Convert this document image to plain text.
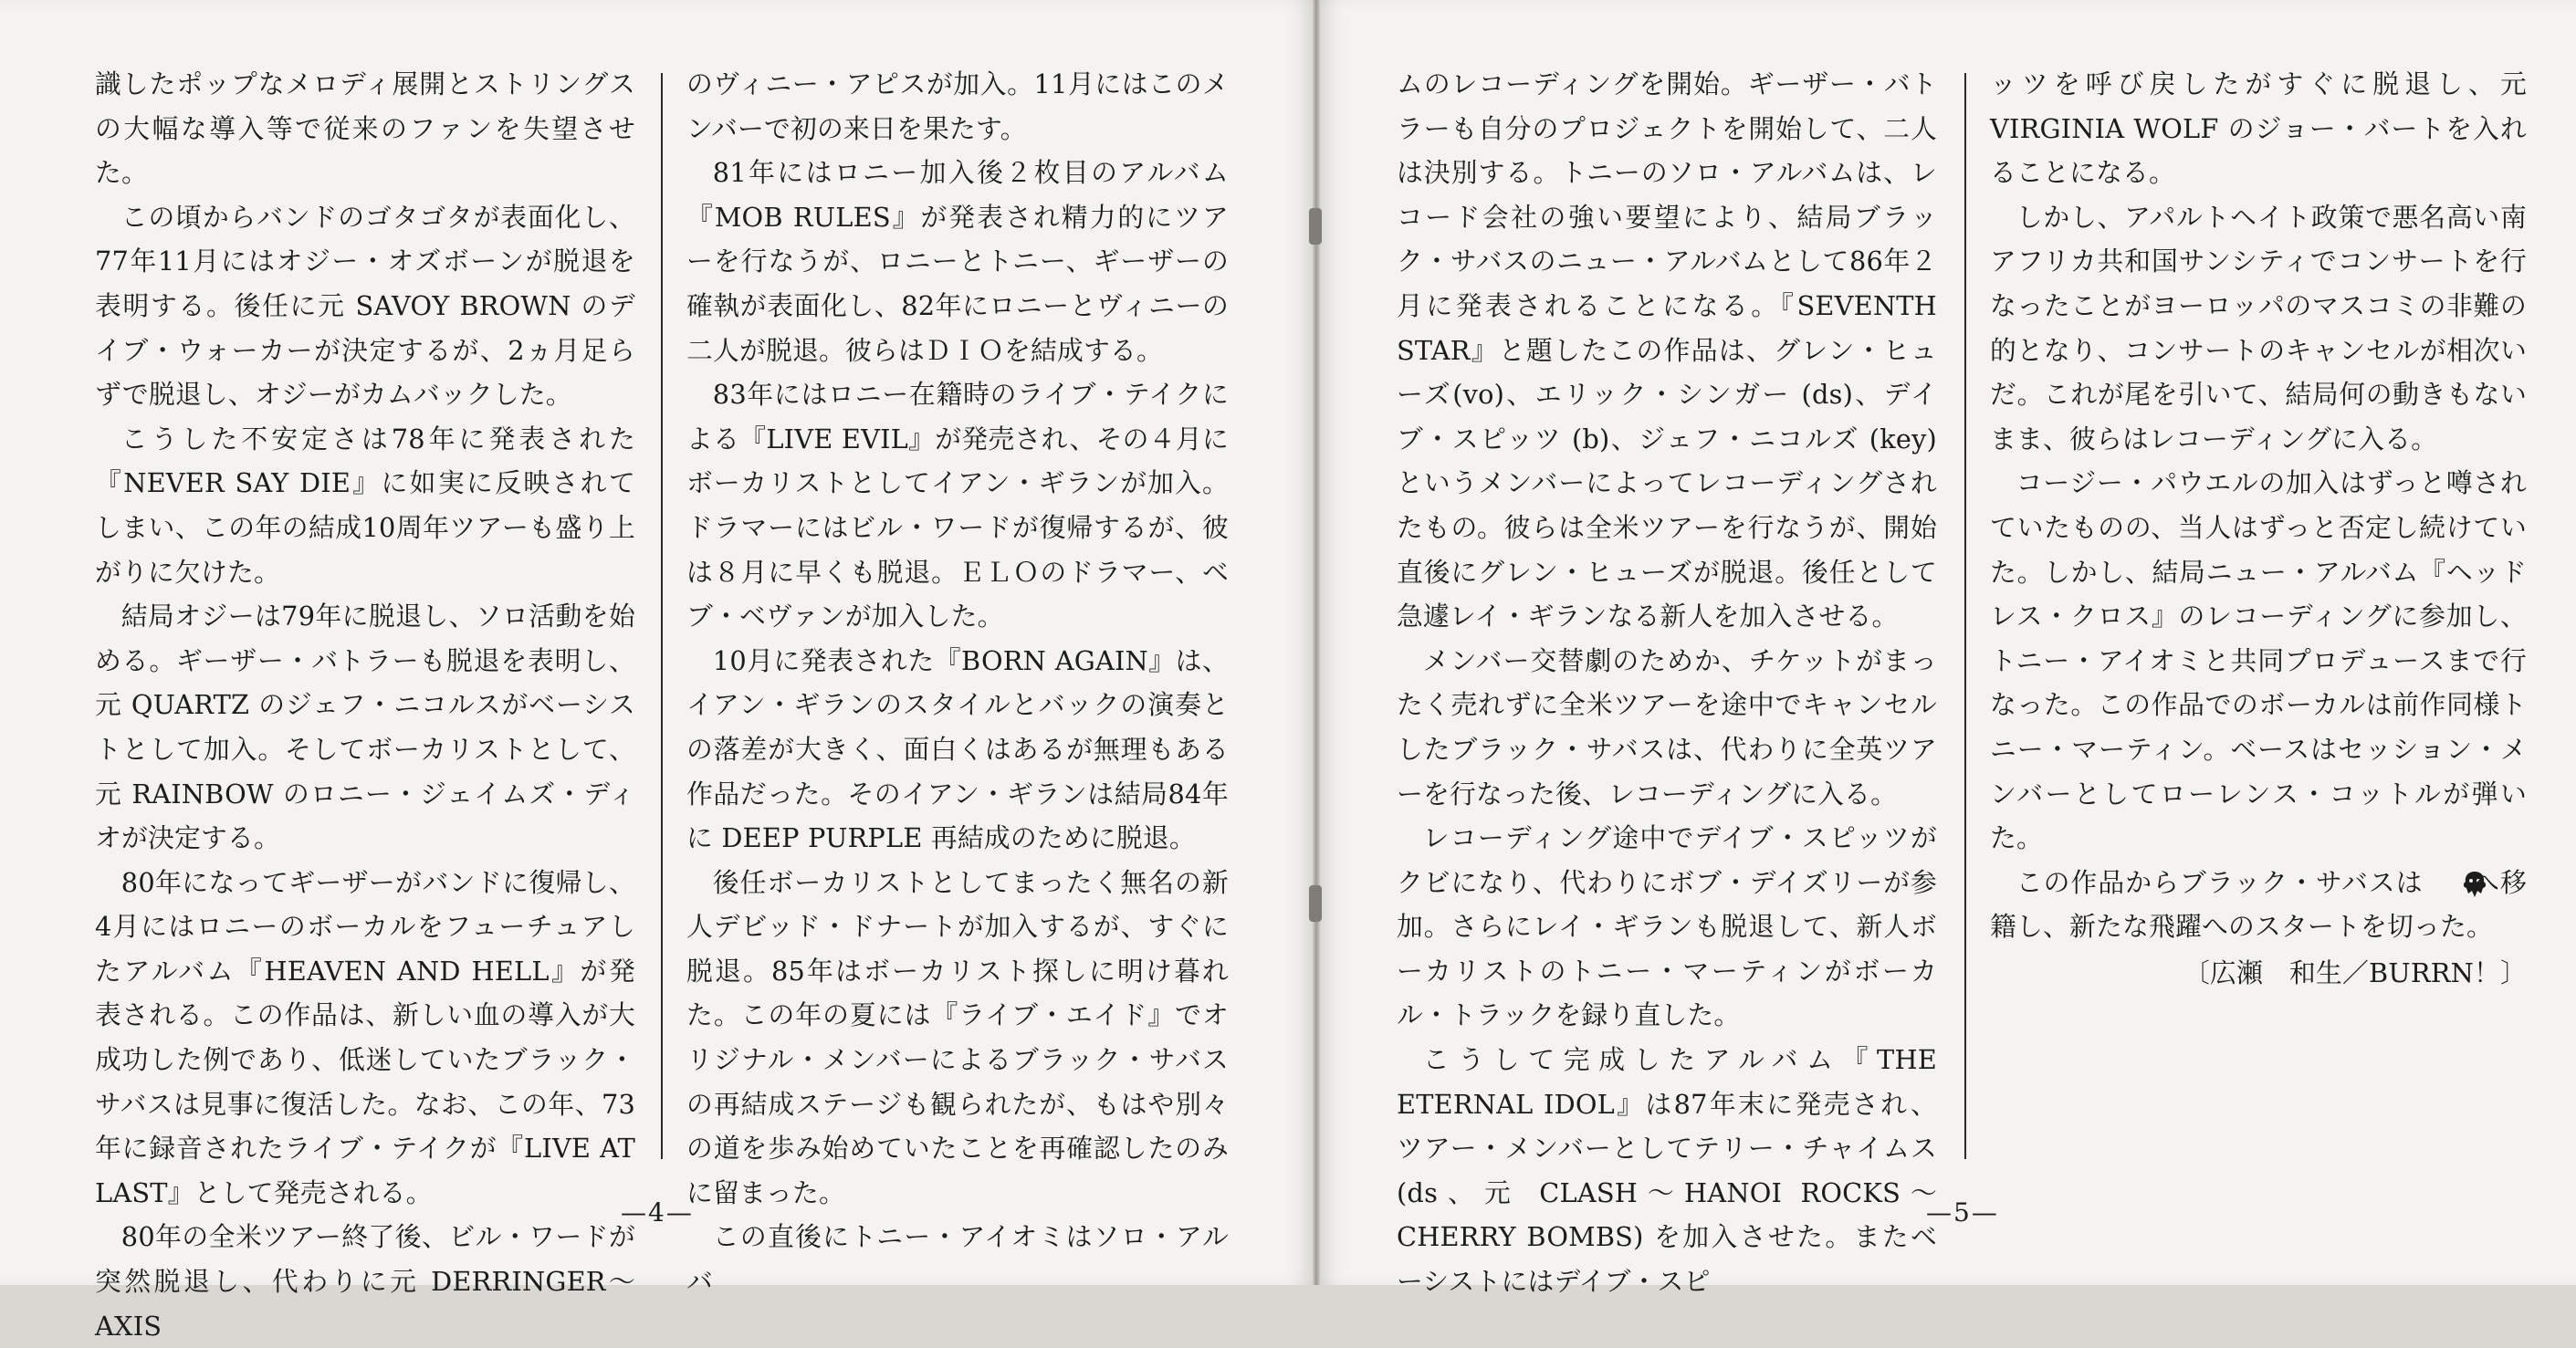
識したポップなメロディ展開とストリングスの大幅な導入等で従来のファンを失望させた。

この頃からバンドのゴタゴタが表面化し、77年11月にはオジー・オズボーンが脱退を表明する。後任に元 SAVOY BROWN のデイブ・ウォーカーが決定するが、2ヵ月足らずで脱退し、オジーがカムバックした。

こうした不安定さは78年に発表された『NEVER SAY DIE』に如実に反映されてしまい、この年の結成10周年ツアーも盛り上がりに欠けた。

結局オジーは79年に脱退し、ソロ活動を始める。ギーザー・バトラーも脱退を表明し、元 QUARTZ のジェフ・ニコルスがベーシストとして加入。そしてボーカリストとして、元 RAINBOW のロニー・ジェイムズ・ディオが決定する。

80年になってギーザーがバンドに復帰し、4月にはロニーのボーカルをフューチュアしたアルバム『HEAVEN AND HELL』が発表される。この作品は、新しい血の導入が大成功した例であり、低迷していたブラック・サバスは見事に復活した。なお、この年、73年に録音されたライブ・テイクが『LIVE AT LAST』として発売される。

80年の全米ツアー終了後、ビル・ワードが突然脱退し、代わりに元 DERRINGER～AXIS

のヴィニー・アピスが加入。11月にはこのメンバーで初の来日を果たす。

81年にはロニー加入後２枚目のアルバム『MOB RULES』が発表され精力的にツアーを行なうが、ロニーとトニー、ギーザーの確執が表面化し、82年にロニーとヴィニーの二人が脱退。彼らはＤＩＯを結成する。

83年にはロニー在籍時のライブ・テイクによる『LIVE EVIL』が発売され、その４月にボーカリストとしてイアン・ギランが加入。ドラマーにはビル・ワードが復帰するが、彼は８月に早くも脱退。ＥＬＯのドラマー、ベブ・ベヴァンが加入した。

10月に発表された『BORN AGAIN』は、イアン・ギランのスタイルとバックの演奏との落差が大きく、面白くはあるが無理もある作品だった。そのイアン・ギランは結局84年に DEEP PURPLE 再結成のために脱退。

後任ボーカリストとしてまったく無名の新人デビッド・ドナートが加入するが、すぐに脱退。85年はボーカリスト探しに明け暮れた。この年の夏には『ライブ・エイド』でオリジナル・メンバーによるブラック・サバスの再結成ステージも観られたが、もはや別々の道を歩み始めていたことを再確認したのみに留まった。

この直後にトニー・アイオミはソロ・アルバ

—4—

ムのレコーディングを開始。ギーザー・バトラーも自分のプロジェクトを開始して、二人は決別する。トニーのソロ・アルバムは、レコード会社の強い要望により、結局ブラック・サバスのニュー・アルバムとして86年２月に発表されることになる。『SEVENTH STAR』と題したこの作品は、グレン・ヒューズ(vo)、エリック・シンガー (ds)、デイブ・スピッツ (b)、ジェフ・ニコルズ (key) というメンバーによってレコーディングされたもの。彼らは全米ツアーを行なうが、開始直後にグレン・ヒューズが脱退。後任として急遽レイ・ギランなる新人を加入させる。

メンバー交替劇のためか、チケットがまったく売れずに全米ツアーを途中でキャンセルしたブラック・サバスは、代わりに全英ツアーを行なった後、レコーディングに入る。

レコーディング途中でデイブ・スピッツがクビになり、代わりにボブ・デイズリーが参加。さらにレイ・ギランも脱退して、新人ボーカリストのトニー・マーティンがボーカル・トラックを録り直した。

こうして完成したアルバム『THE ETERNAL IDOL』は87年末に発売され、ツアー・メンバーとしてテリー・チャイムス (ds、元 CLASH～HANOI ROCKS～CHERRY BOMBS) を加入させた。またベーシストにはデイブ・スピ

ッツを呼び戻したがすぐに脱退し、元 VIRGINIA WOLF のジョー・バートを入れることになる。

しかし、アパルトヘイト政策で悪名高い南アフリカ共和国サンシティでコンサートを行なったことがヨーロッパのマスコミの非難の的となり、コンサートのキャンセルが相次いだ。これが尾を引いて、結局何の動きもないまま、彼らはレコーディングに入る。

コージー・パウエルの加入はずっと噂されていたものの、当人はずっと否定し続けていた。しかし、結局ニュー・アルバム『ヘッドレス・クロス』のレコーディングに参加し、トニー・アイオミと共同プロデュースまで行なった。この作品でのボーカルは前作同様トニー・マーティン。ベースはセッション・メンバーとしてローレンス・コットルが弾いた。

この作品からブラック・サバスは へ移籍し、新たな飛躍へのスタートを切った。

〔広瀬　和生／BURRN！〕

—5—
